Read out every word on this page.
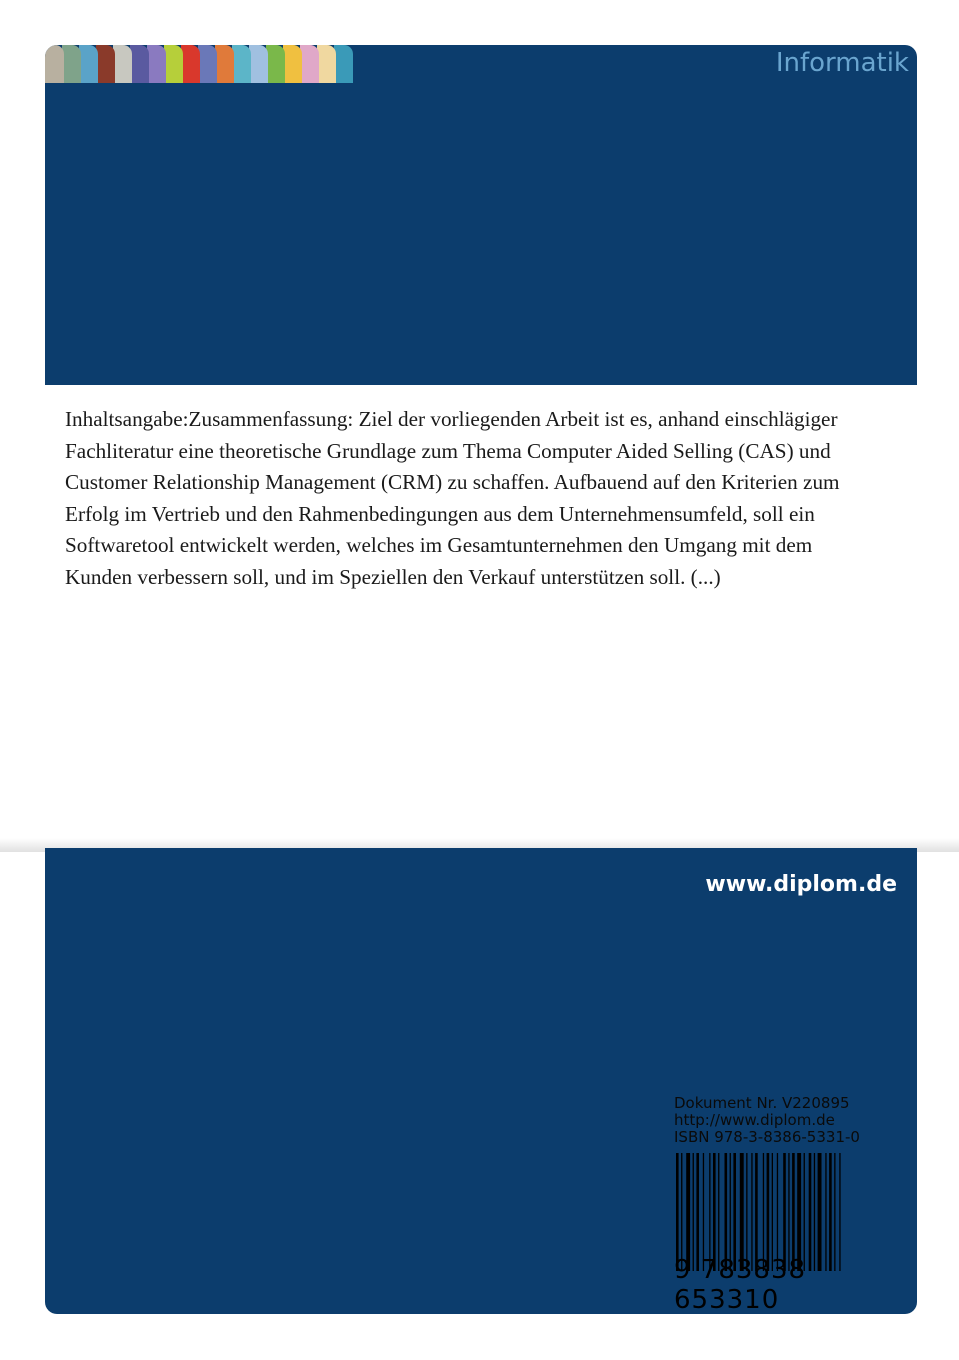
Informatik

Inhaltsangabe:Zusammenfassung: Ziel der vorliegenden Arbeit ist es, anhand einschlägiger Fachliteratur eine theoretische Grundlage zum Thema Computer Aided Selling (CAS) und Customer Relationship Management (CRM) zu schaffen. Aufbauend auf den Kriterien zum Erfolg im Vertrieb und den Rahmenbedingungen aus dem Unternehmensumfeld, soll ein Softwaretool entwickelt werden, welches im Gesamtunternehmen den Umgang mit dem Kunden verbessern soll, und im Speziellen den Verkauf unterstützen soll. (...)

www.diplom.de
Dokument Nr. V220895
http://www.diplom.de
ISBN 978-3-8386-5331-0
9 783838 653310
